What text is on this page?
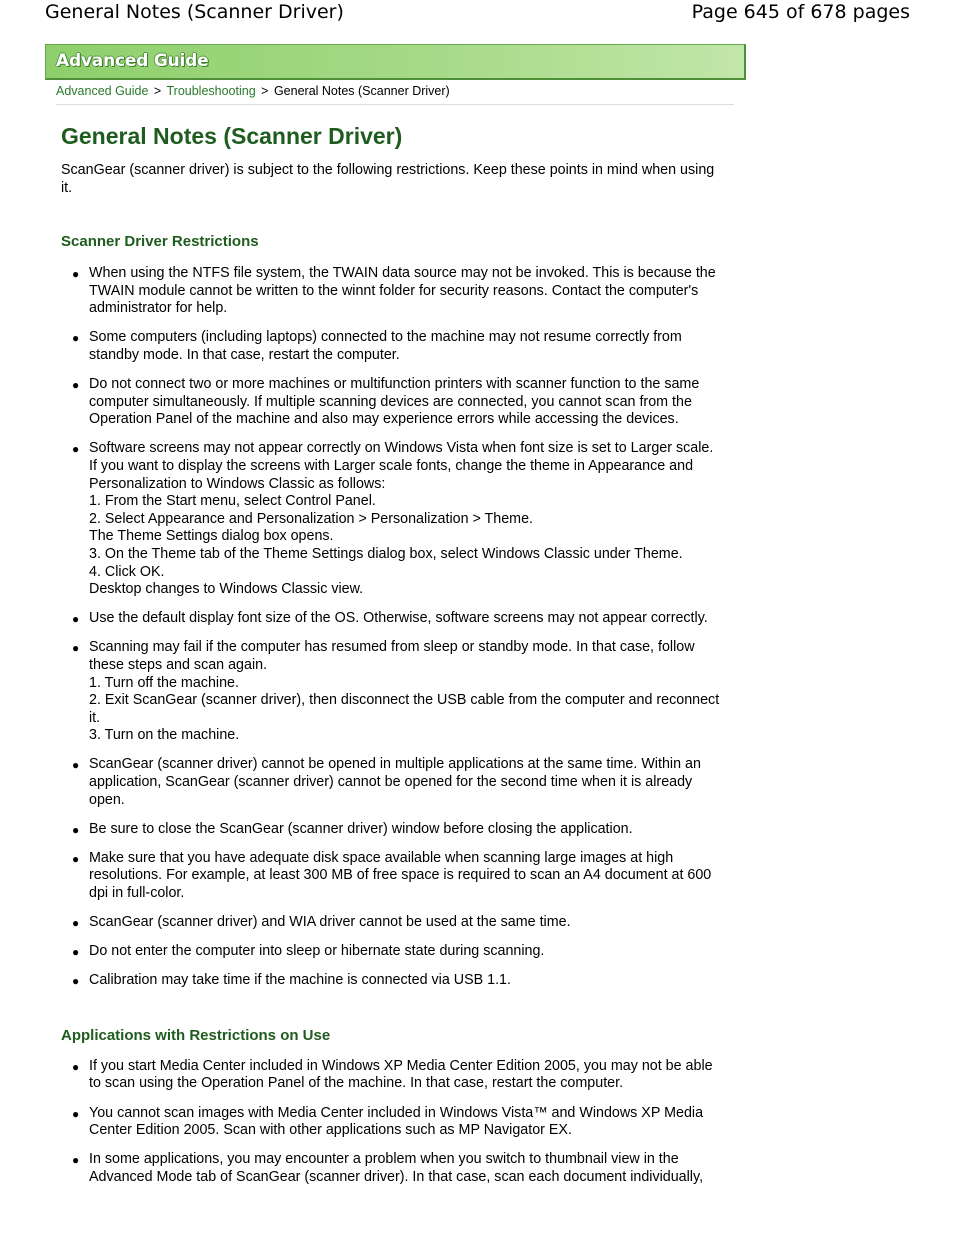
General Notes (Scanner Driver)	Page 645 of 678 pages
Advanced Guide
Advanced Guide > Troubleshooting > General Notes (Scanner Driver)
General Notes (Scanner Driver)

ScanGear (scanner driver) is subject to the following restrictions. Keep these points in mind when using it.

Scanner Driver Restrictions
● When using the NTFS file system, the TWAIN data source may not be invoked. This is because the TWAIN module cannot be written to the winnt folder for security reasons. Contact the computer's administrator for help.

● Some computers (including laptops) connected to the machine may not resume correctly from standby mode. In that case, restart the computer.

● Do not connect two or more machines or multifunction printers with scanner function to the same computer simultaneously. If multiple scanning devices are connected, you cannot scan from the Operation Panel of the machine and also may experience errors while accessing the devices.

● Software screens may not appear correctly on Windows Vista when font size is set to Larger scale. If you want to display the screens with Larger scale fonts, change the theme in Appearance and Personalization to Windows Classic as follows:

1. From the Start menu, select Control Panel.

2. Select Appearance and Personalization > Personalization > Theme.

The Theme Settings dialog box opens.

3. On the Theme tab of the Theme Settings dialog box, select Windows Classic under Theme.

4. Click OK.

Desktop changes to Windows Classic view.

● Use the default display font size of the OS. Otherwise, software screens may not appear correctly.

● Scanning may fail if the computer has resumed from sleep or standby mode. In that case, follow these steps and scan again.

1. Turn off the machine.

2. Exit ScanGear (scanner driver), then disconnect the USB cable from the computer and reconnect it.

3. Turn on the machine.

● ScanGear (scanner driver) cannot be opened in multiple applications at the same time. Within an application, ScanGear (scanner driver) cannot be opened for the second time when it is already open.

● Be sure to close the ScanGear (scanner driver) window before closing the application.

● Make sure that you have adequate disk space available when scanning large images at high resolutions. For example, at least 300 MB of free space is required to scan an A4 document at 600 dpi in full-color.

● ScanGear (scanner driver) and WIA driver cannot be used at the same time.

● Do not enter the computer into sleep or hibernate state during scanning.

● Calibration may take time if the machine is connected via USB 1.1.

Applications with Restrictions on Use
● If you start Media Center included in Windows XP Media Center Edition 2005, you may not be able to scan using the Operation Panel of the machine. In that case, restart the computer.

● You cannot scan images with Media Center included in Windows Vista™ and Windows XP Media Center Edition 2005. Scan with other applications such as MP Navigator EX.

● In some applications, you may encounter a problem when you switch to thumbnail view in the Advanced Mode tab of ScanGear (scanner driver). In that case, scan each document individually,
